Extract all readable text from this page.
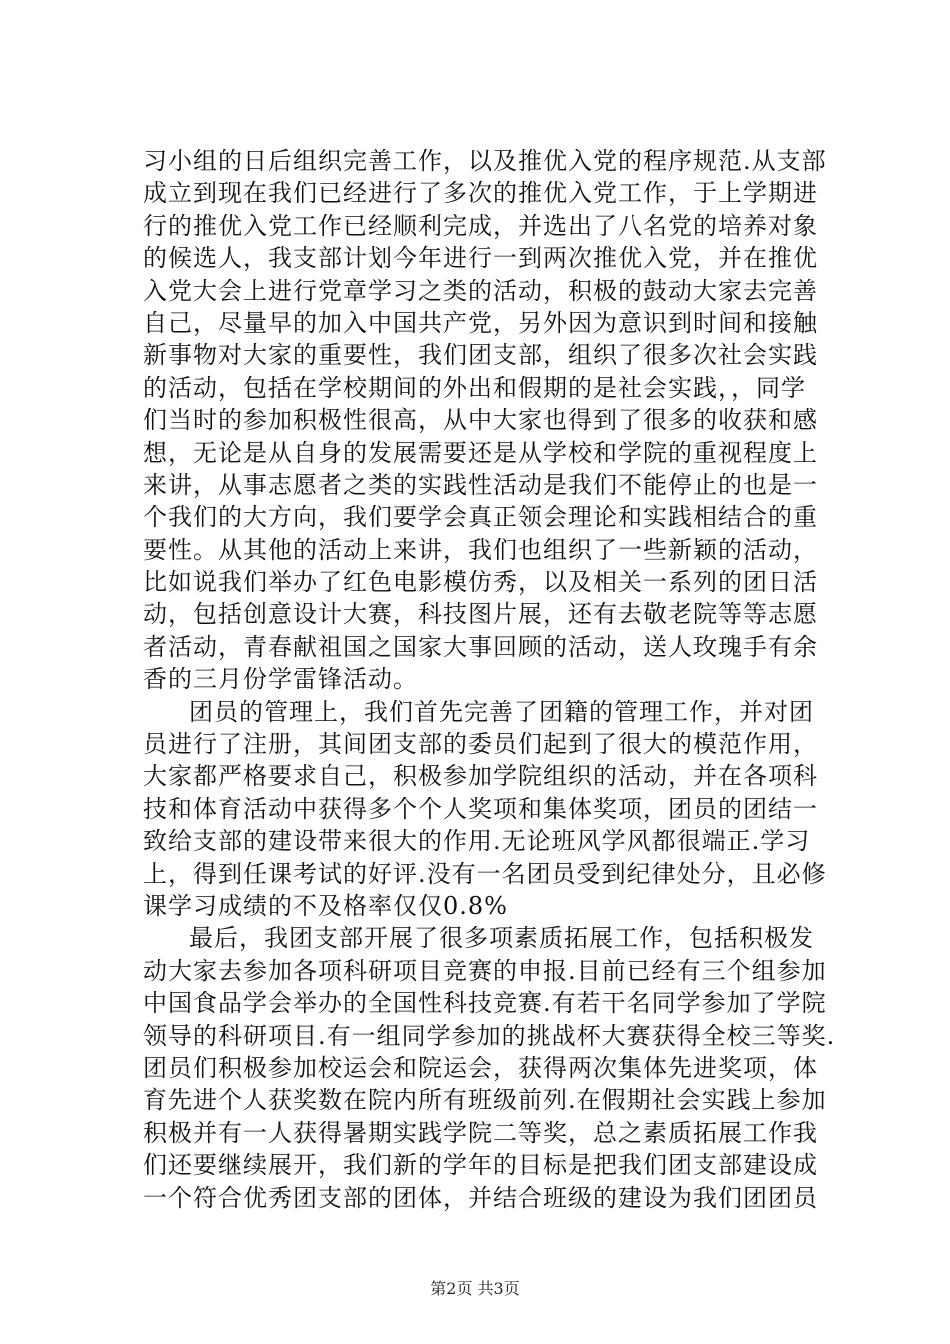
习小组的日后组织完善工作，以及推优入党的程序规范.从支部
成立到现在我们已经进行了多次的推优入党工作，于上学期进
行的推优入党工作已经顺利完成，并选出了八名党的培养对象
的候选人，我支部计划今年进行一到两次推优入党，并在推优
入党大会上进行党章学习之类的活动，积极的鼓动大家去完善
自己，尽量早的加入中国共产党，另外因为意识到时间和接触
新事物对大家的重要性，我们团支部，组织了很多次社会实践
的活动，包括在学校期间的外出和假期的是社会实践，，同学
们当时的参加积极性很高，从中大家也得到了很多的收获和感
想，无论是从自身的发展需要还是从学校和学院的重视程度上
来讲，从事志愿者之类的实践性活动是我们不能停止的也是一
个我们的大方向，我们要学会真正领会理论和实践相结合的重
要性。从其他的活动上来讲，我们也组织了一些新颖的活动，
比如说我们举办了红色电影模仿秀，以及相关一系列的团日活
动，包括创意设计大赛，科技图片展，还有去敬老院等等志愿
者活动，青春献祖国之国家大事回顾的活动，送人玫瑰手有余
香的三月份学雷锋活动。
团员的管理上，我们首先完善了团籍的管理工作，并对团
员进行了注册，其间团支部的委员们起到了很大的模范作用，
大家都严格要求自己，积极参加学院组织的活动，并在各项科
技和体育活动中获得多个个人奖项和集体奖项，团员的团结一
致给支部的建设带来很大的作用.无论班风学风都很端正.学习
上，得到任课考试的好评.没有一名团员受到纪律处分，且必修
课学习成绩的不及格率仅仅0.8%
最后，我团支部开展了很多项素质拓展工作，包括积极发
动大家去参加各项科研项目竞赛的申报.目前已经有三个组参加
中国食品学会举办的全国性科技竞赛.有若干名同学参加了学院
领导的科研项目.有一组同学参加的挑战杯大赛获得全校三等奖.
团员们积极参加校运会和院运会，获得两次集体先进奖项，体
育先进个人获奖数在院内所有班级前列.在假期社会实践上参加
积极并有一人获得暑期实践学院二等奖，总之素质拓展工作我
们还要继续展开，我们新的学年的目标是把我们团支部建设成
一个符合优秀团支部的团体，并结合班级的建设为我们团团员
第2页 共3页
